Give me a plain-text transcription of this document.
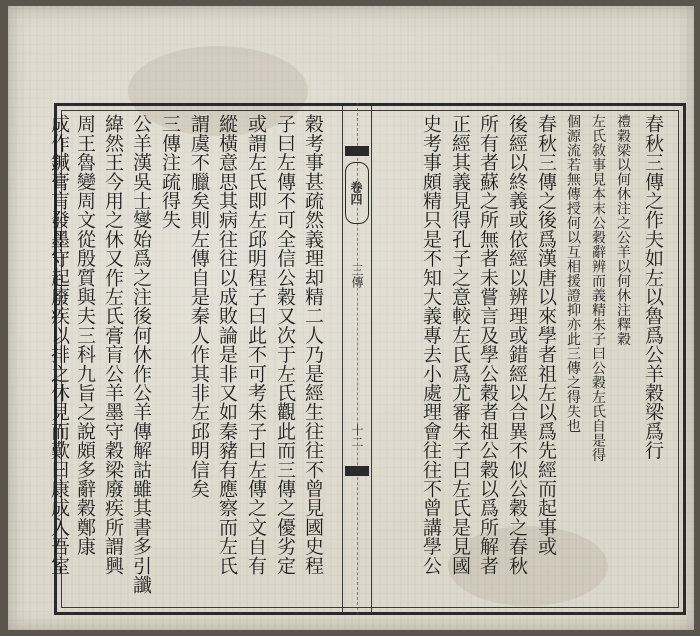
卷四
三傳
十二	春秋三傳之作夫如左以魯爲公羊穀梁爲行
禮穀梁以何休注之公羊以何休注釋穀
左氏敘事見本末公穀辭辨而義精朱子曰公穀左氏自是得
個源流若無傳授何以互相援證抑亦此三傳之得失也
春秋三傳之後爲漢唐以來學者祖左以爲先經而起事或
後經以終義或依經以辨理或錯經以合異不似公穀之春秋
所有者蘇之所無者未嘗言及學公穀者祖公穀以爲所解者
正經其義見得孔子之意較左氏爲尤審朱子曰左氏是見國
史考事頗精只是不知大義專去小處理會往往不曾講學公
穀考事甚疏然義理却精二人乃是經生往往不曾見國史程
子曰左傳不可全信公穀又次于左氏觀此而三傳之優劣定
或謂左氏即左邱明程子曰此不可考朱子曰左傳之文自有
縱橫意思其病往往以成敗論是非又如秦豬有應察而左氏
謂虞不臘矣則左傳自是秦人作其非左邱明信矣
三傳注疏得失
公羊漢吳士燮始爲之注後何休作公羊傳解詁雖其書多引讖
緯然王今用之休又作左氏膏肓公羊墨守穀梁廢疾所謂興
周王魯變周文從殷質與夫三科九旨之說頗多辭穀鄭康
成作鍼膏肓發墨守起廢疾以排之休見而歎曰康成入吾室
